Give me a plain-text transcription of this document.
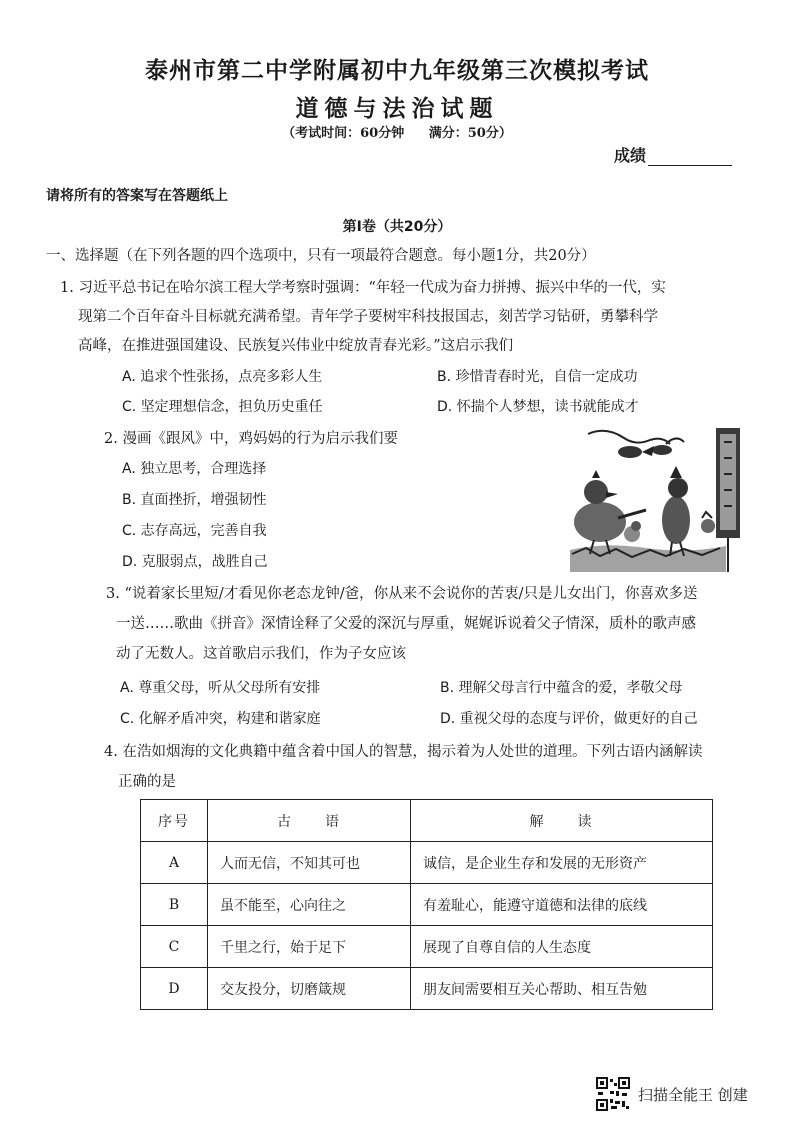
泰州市第二中学附属初中九年级第三次模拟考试
道德与法治试题
（考试时间：60分钟 满分：50分）
成绩
请将所有的答案写在答题纸上
第Ⅰ卷（共20分）
一、选择题（在下列各题的四个选项中，只有一项最符合题意。每小题1分，共20分）
1. 习近平总书记在哈尔滨工程大学考察时强调：“年轻一代成为奋力拼搏、振兴中华的一代，实
现第二个百年奋斗目标就充满希望。青年学子要树牢科技报国志，刻苦学习钻研，勇攀科学
高峰，在推进强国建设、民族复兴伟业中绽放青春光彩。”这启示我们
A. 追求个性张扬，点亮多彩人生	B. 珍惜青春时光，自信一定成功
C. 坚定理想信念，担负历史重任	D. 怀揣个人梦想，读书就能成才
2. 漫画《跟风》中，鸡妈妈的行为启示我们要
A. 独立思考，合理选择
B. 直面挫折，增强韧性
C. 志存高远，完善自我
D. 克服弱点，战胜自己
3. “说着家长里短/才看见你老态龙钟/爸，你从来不会说你的苦衷/只是儿女出门，你喜欢多送
一送……歌曲《拼音》深情诠释了父爱的深沉与厚重，娓娓诉说着父子情深，质朴的歌声感
动了无数人。这首歌启示我们，作为子女应该
A. 尊重父母，听从父母所有安排	B. 理解父母言行中蕴含的爱，孝敬父母
C. 化解矛盾冲突，构建和谐家庭	D. 重视父母的态度与评价，做更好的自己
4. 在浩如烟海的文化典籍中蕴含着中国人的智慧，揭示着为人处世的道理。下列古语内涵解读
正确的是
序号	古　　语	解　　读
A	人而无信，不知其可也	诚信，是企业生存和发展的无形资产
B	虽不能至，心向往之	有羞耻心，能遵守道德和法律的底线
C	千里之行，始于足下	展现了自尊自信的人生态度
D	交友投分，切磨箴规	朋友间需要相互关心帮助、相互告勉
扫描全能王 创建
